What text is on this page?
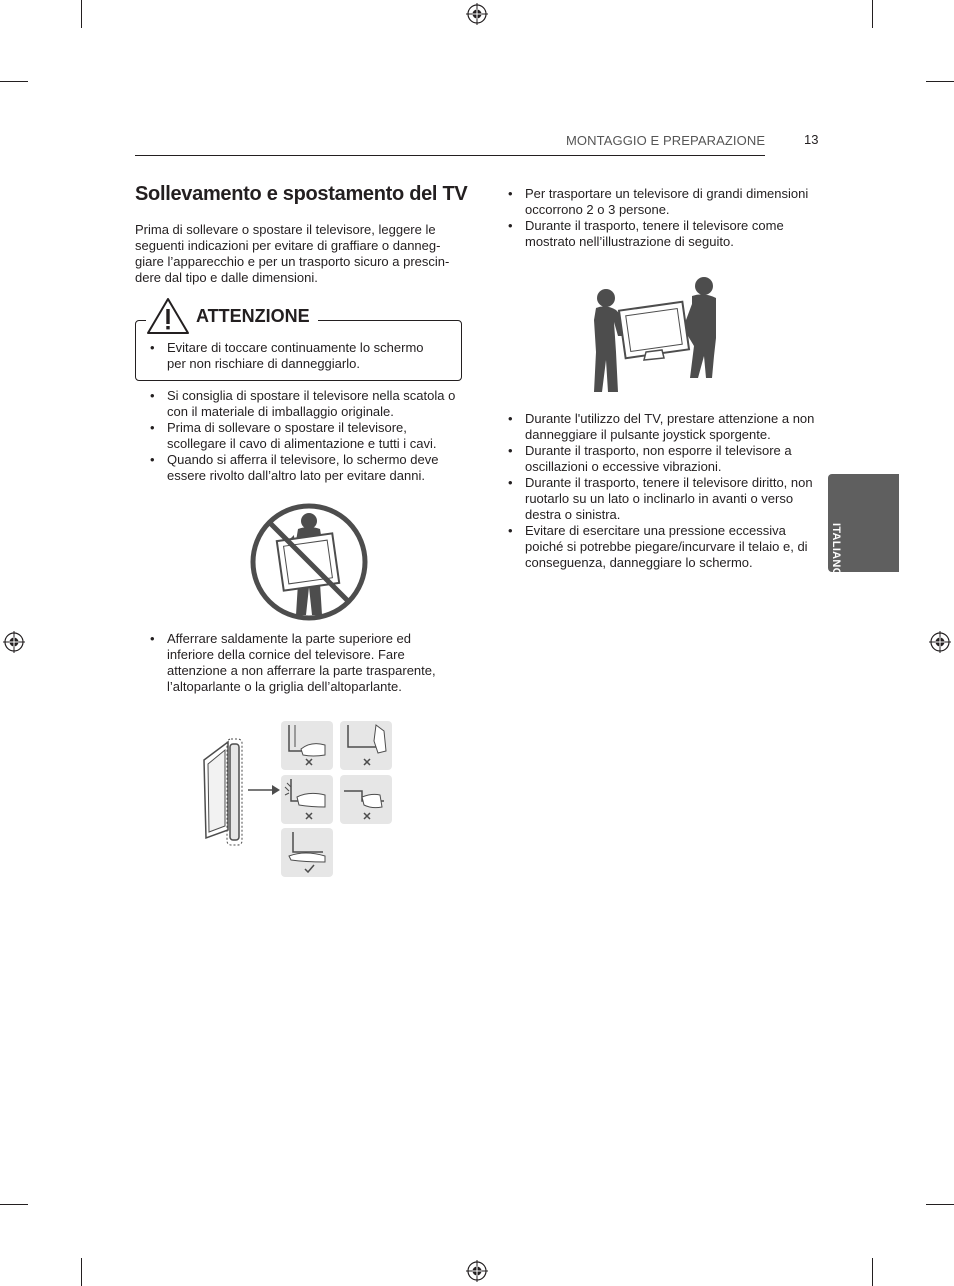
MONTAGGIO E PREPARAZIONE	13
Sollevamento e spostamento del TV
Prima di sollevare o spostare il televisore, leggere le seguenti indicazioni per evitare di graffiare o danneg-giare l’apparecchio e per un trasporto sicuro a prescin-dere dal tipo e dalle dimensioni.
ATTENZIONE
• Evitare di toccare continuamente lo schermo per non rischiare di danneggiarlo.
• Si consiglia di spostare il televisore nella scatola o con il materiale di imballaggio originale.
• Prima di sollevare o spostare il televisore, scollegare il cavo di alimentazione e tutti i cavi.
• Quando si afferra il televisore, lo schermo deve essere rivolto dall’altro lato per evitare danni.
• Afferrare saldamente la parte superiore ed inferiore della cornice del televisore. Fare attenzione a non afferrare la parte trasparente, l’altoparlante o la griglia dell’altoparlante.
• Per trasportare un televisore di grandi dimensioni occorrono 2 o 3 persone.
• Durante il trasporto, tenere il televisore come mostrato nell’illustrazione di seguito.
• Durante l'utilizzo del TV, prestare attenzione a non danneggiare il pulsante joystick sporgente.
• Durante il trasporto, non esporre il televisore a oscillazioni o eccessive vibrazioni.
• Durante il trasporto, tenere il televisore diritto, non ruotarlo su un lato o inclinarlo in avanti o verso destra o sinistra.
• Evitare di esercitare una pressione eccessiva poiché si potrebbe piegare/incurvare il telaio e, di conseguenza, danneggiare lo schermo.	ITALIANO
